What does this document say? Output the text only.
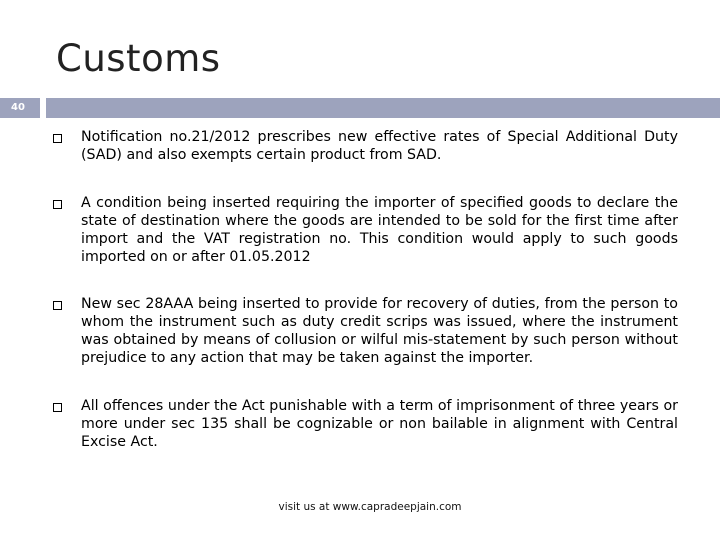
Customs
40
Notification no.21/2012 prescribes new effective rates of Special Additional Duty (SAD) and also exempts certain product from SAD.
A condition being inserted requiring the importer of specified goods to declare the state of destination where the goods are intended to be sold for the first time after import and the VAT registration no. This condition would apply to such goods imported on or after 01.05.2012
New sec 28AAA being inserted to provide for recovery of duties, from the person to whom the instrument such as duty credit scrips was issued, where the instrument was obtained by means of collusion or wilful mis-statement by such person without prejudice to any action that may be taken against the importer.
All offences under the Act punishable with a term of imprisonment of three years or more under sec 135 shall be cognizable or non bailable in alignment with Central Excise Act.
visit us at www.capradeepjain.com
